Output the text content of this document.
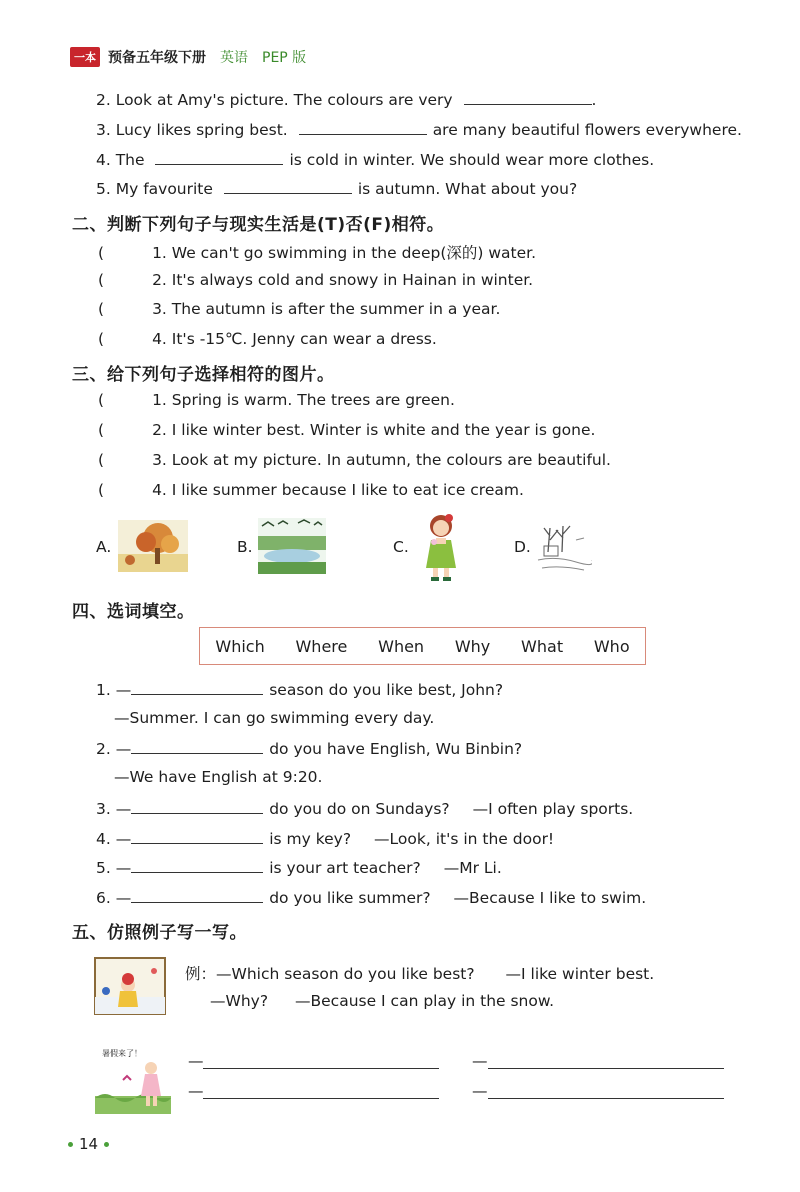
一本 预备五年级下册 英语 PEP 版
2. Look at Amy's picture. The colours are very	.
3. Lucy likes spring best.	are many beautiful flowers everywhere.
4. The	is cold in winter. We should wear more clothes.
5. My favourite	is autumn. What about you?
二、判断下列句子与现实生活是(T)否(F)相符。
(	1. We can't go swimming in the deep(深的) water.
(	2. It's always cold and snowy in Hainan in winter.
(	3. The autumn is after the summer in a year.
(	4. It's -15℃. Jenny can wear a dress.
三、给下列句子选择相符的图片。
(	1. Spring is warm. The trees are green.
(	2. I like winter best. Winter is white and the year is gone.
(	3. Look at my picture. In autumn, the colours are beautiful.
(	4. I like summer because I like to eat ice cream.
A.	B.	C.	D.
四、选词填空。
Which Where When Why What Who
1. —	season do you like best, John?
—Summer. I can go swimming every day.
2. —	do you have English, Wu Binbin?
—We have English at 9:20.
3. —	do you do on Sundays? —I often play sports.
4. —	is my key? —Look, it's in the door!
5. —	is your art teacher? —Mr Li.
6. —	do you like summer? —Because I like to swim.
五、仿照例子写一写。
例：—Which season do you like best? —I like winter best.
—Why? —Because I can play in the snow.
暑假来了！	—	—
—	—
14
